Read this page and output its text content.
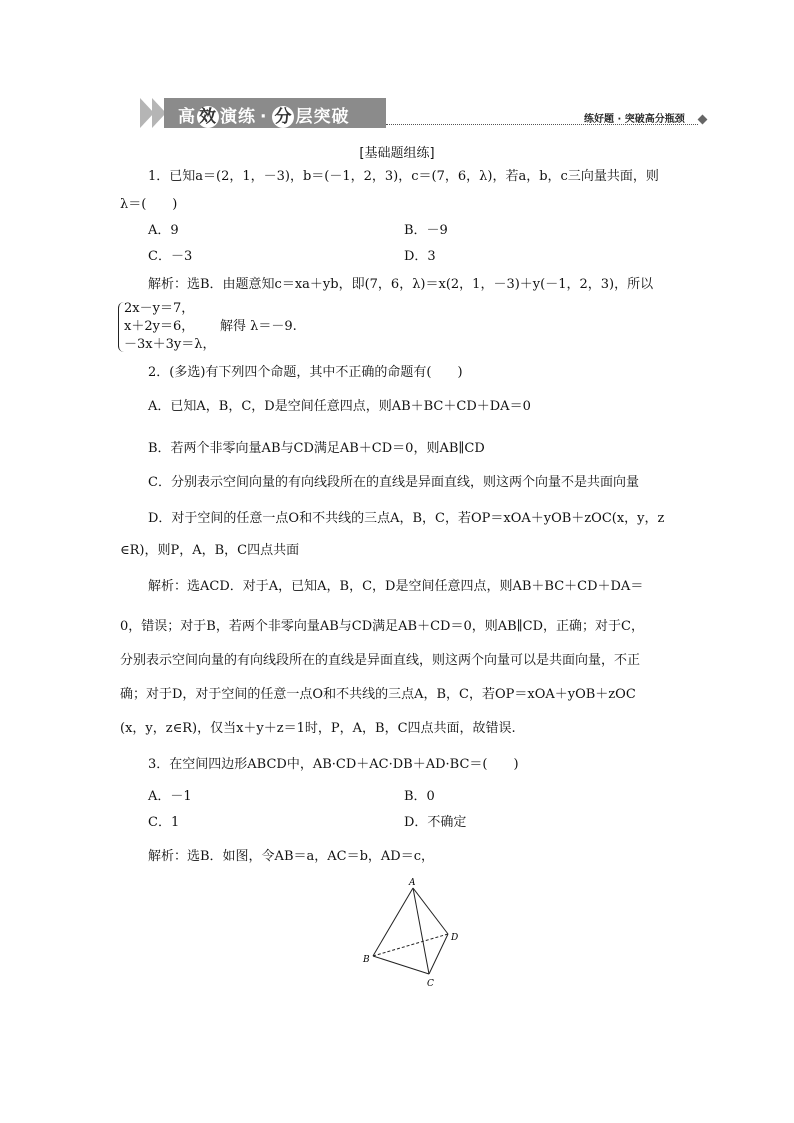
高 效 演练 · 分 层突破	练好题 · 突破高分瓶颈
[基础题组练]
1．已知a＝(2，1，－3)，b＝(－1，2，3)，c＝(7，6，λ)，若a，b，c三向量共面，则
λ＝(　　)
A．9	B．－9
C．－3	D．3
解析：选B．由题意知c＝xa＋yb，即(7，6，λ)＝x(2，1，－3)＋y(－1，2，3)，所以
2x－y＝7，
x＋2y＝6，
－3x＋3y＝λ，
解得 λ＝－9.
2．(多选)有下列四个命题，其中不正确的命题有(　　)
A．已知A，B，C，D是空间任意四点，则AB＋BC＋CD＋DA＝0
B．若两个非零向量AB与CD满足AB＋CD＝0，则AB∥CD
C．分别表示空间向量的有向线段所在的直线是异面直线，则这两个向量不是共面向量
D．对于空间的任意一点O和不共线的三点A，B，C，若OP＝xOA＋yOB＋zOC(x，y，z
∈R)，则P，A，B，C四点共面
解析：选ACD．对于A，已知A，B，C，D是空间任意四点，则AB＋BC＋CD＋DA＝
0，错误；对于B，若两个非零向量AB与CD满足AB＋CD＝0，则AB∥CD，正确；对于C，
分别表示空间向量的有向线段所在的直线是异面直线，则这两个向量可以是共面向量，不正
确；对于D，对于空间的任意一点O和不共线的三点A，B，C，若OP＝xOA＋yOB＋zOC
(x，y，z∈R)，仅当x＋y＋z＝1时，P，A，B，C四点共面，故错误.
3．在空间四边形ABCD中，AB·CD＋AC·DB＋AD·BC＝(　　)
A．－1	B．0
C．1	D．不确定
解析：选B．如图，令AB＝a，AC＝b，AD＝c，
A
B
C
D
